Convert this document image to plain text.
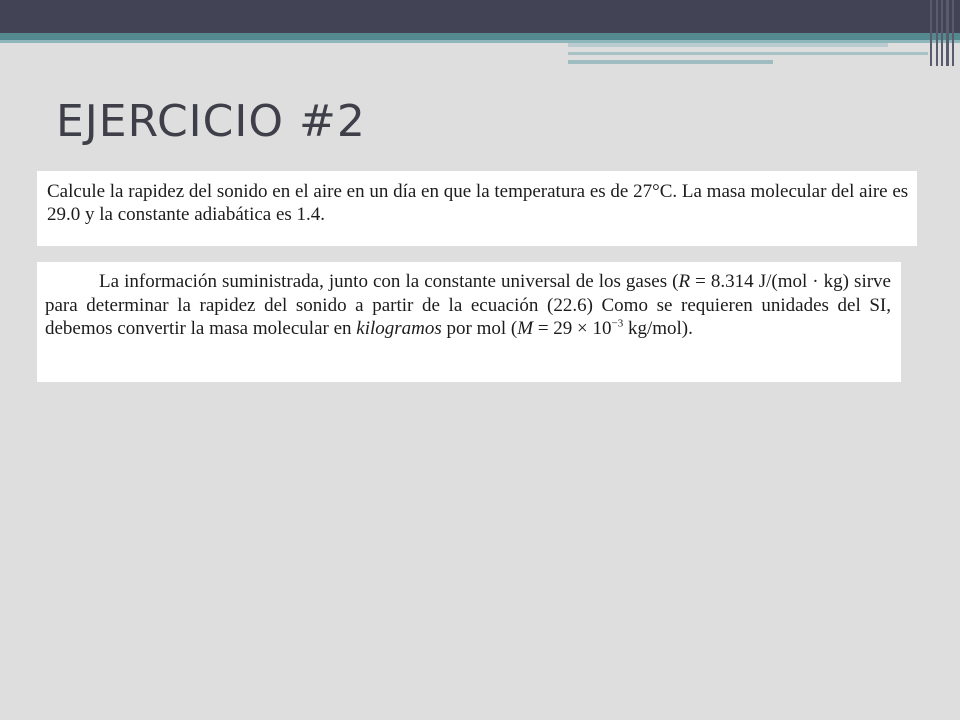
EJERCICIO #2

Calcule la rapidez del sonido en el aire en un día en que la temperatura es de 27°C. La masa molecular del aire es 29.0 y la constante adiabática es 1.4.

La información suministrada, junto con la constante universal de los gases (R = 8.314 J/(mol · kg) sirve para determinar la rapidez del sonido a partir de la ecuación (22.6) Como se requieren unidades del SI, debemos convertir la masa molecular en kilogramos por mol ($M = 29 \times 10^{-3}$ kg/mol).
